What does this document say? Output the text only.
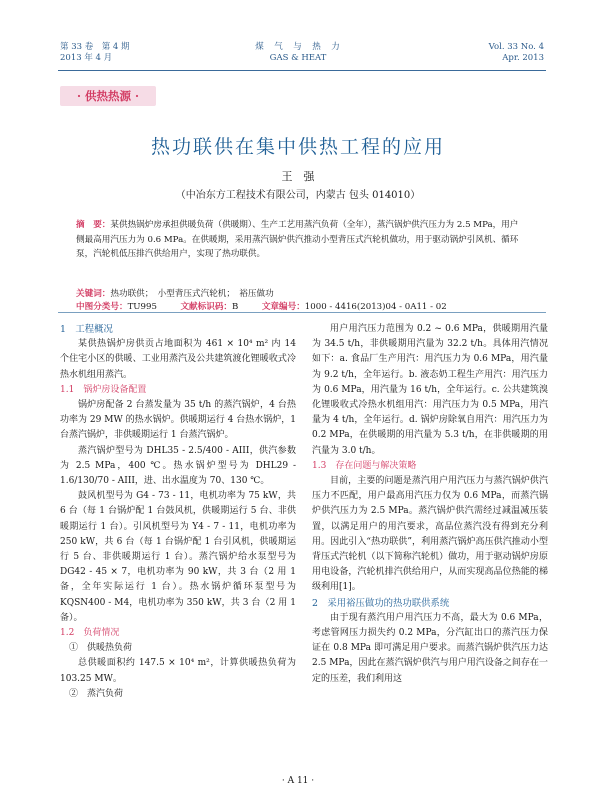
第 33 卷　第 4 期
2013 年 4 月
煤　气　与　热　力
GAS & HEAT
Vol. 33 No. 4
Apr. 2013
· 供热热源 ·
热功联供在集中供热工程的应用
王　强
（中冶东方工程技术有限公司，内蒙古 包头 014010）
摘　要：某供热锅炉房承担供暖负荷（供暖期）、生产工艺用蒸汽负荷（全年），蒸汽锅炉供汽压力为 2.5 MPa，用户侧最高用汽压力为 0.6 MPa。在供暖期，采用蒸汽锅炉供汽推动小型背压式汽轮机做功，用于驱动锅炉引风机、循环泵，汽轮机低压排汽供给用户，实现了热功联供。
关键词：热功联供；　小型背压式汽轮机；　裕压做功
中图分类号：TU995	文献标识码：B	文章编号：1000 - 4416(2013)04 - 0A11 - 02

1　工程概况

某供热锅炉房供贡占地面积为 461 × 10⁴ m² 内 14 个住宅小区的供暖、工业用蒸汽及公共建筑渡化锂暖收式冷热水机组用蒸汽。

1.1　锅炉房设备配置

锅炉房配备 2 台蒸发量为 35 t/h 的蒸汽锅炉，4 台热功率为 29 MW 的热水锅炉。供暖期运行 4 台热水锅炉，1 台蒸汽锅炉，非供暖期运行 1 台蒸汽锅炉。

蒸汽锅炉型号为 DHL35 - 2.5/400 - AIII，供汽参数为 2.5 MPa，400 ℃。热水锅炉型号为 DHL29 - 1.6/130/70 - AIII，进、出水温度为 70、130 ℃。

鼓风机型号为 G4 - 73 - 11，电机功率为 75 kW，共 6 台（每 1 台锅炉配 1 台鼓风机，供暖期运行 5 台、非供暖期运行 1 台）。引风机型号为 Y4 - 7 - 11，电机功率为 250 kW，共 6 台（每 1 台锅炉配 1 台引风机，供暖期运行 5 台、非供暖期运行 1 台）。蒸汽锅炉给水泵型号为 DG42 - 45 × 7，电机功率为 90 kW，共 3 台（2 用 1 备，全年实际运行 1 台）。热水锅炉循环泵型号为 KQSN400 - M4，电机功率为 350 kW，共 3 台（2 用 1 备）。

1.2　负荷情况

①　供暖热负荷

总供暖面积约 147.5 × 10⁴ m²，计算供暖热负荷为 103.25 MW。

②　蒸汽负荷

用户用汽压力范围为 0.2 ~ 0.6 MPa，供暖期用汽量为 34.5 t/h，非供暖期用汽量为 32.2 t/h。具体用汽情况如下：a. 食品厂生产用汽：用汽压力为 0.6 MPa，用汽量为 9.2 t/h，全年运行。b. 液态奶工程生产用汽：用汽压力为 0.6 MPa，用汽量为 16 t/h，全年运行。c. 公共建筑溴化锂吸收式冷热水机组用汽：用汽压力为 0.5 MPa，用汽量为 4 t/h，全年运行。d. 锅炉房除氧自用汽：用汽压力为 0.2 MPa，在供暖期的用汽量为 5.3 t/h，在非供暖期的用汽量为 3.0 t/h。

1.3　存在问题与解决策略

目前，主要的问题是蒸汽用户用汽压力与蒸汽锅炉供汽压力不匹配，用户最高用汽压力仅为 0.6 MPa，而蒸汽锅炉供汽压力为 2.5 MPa。蒸汽锅炉供汽需经过减温减压装置，以满足用户的用汽要求，高品位蒸汽没有得到充分利用。因此引入“热功联供”，利用蒸汽锅炉高压供汽推动小型背压式汽轮机（以下简称汽轮机）做功，用于驱动锅炉房原用电设备，汽轮机排汽供给用户，从而实现高品位热能的梯级利用[1]。

2　采用裕压做功的热功联供系统

由于现有蒸汽用户用汽压力不高，最大为 0.6 MPa，考虑管网压力损失约 0.2 MPa，分汽缸出口的蒸汽压力保证在 0.8 MPa 即可满足用户要求。而蒸汽锅炉供汽压力达 2.5 MPa，因此在蒸汽锅炉供汽与用户用汽设备之间存在一定的压差，我们利用这

· A 11 ·
